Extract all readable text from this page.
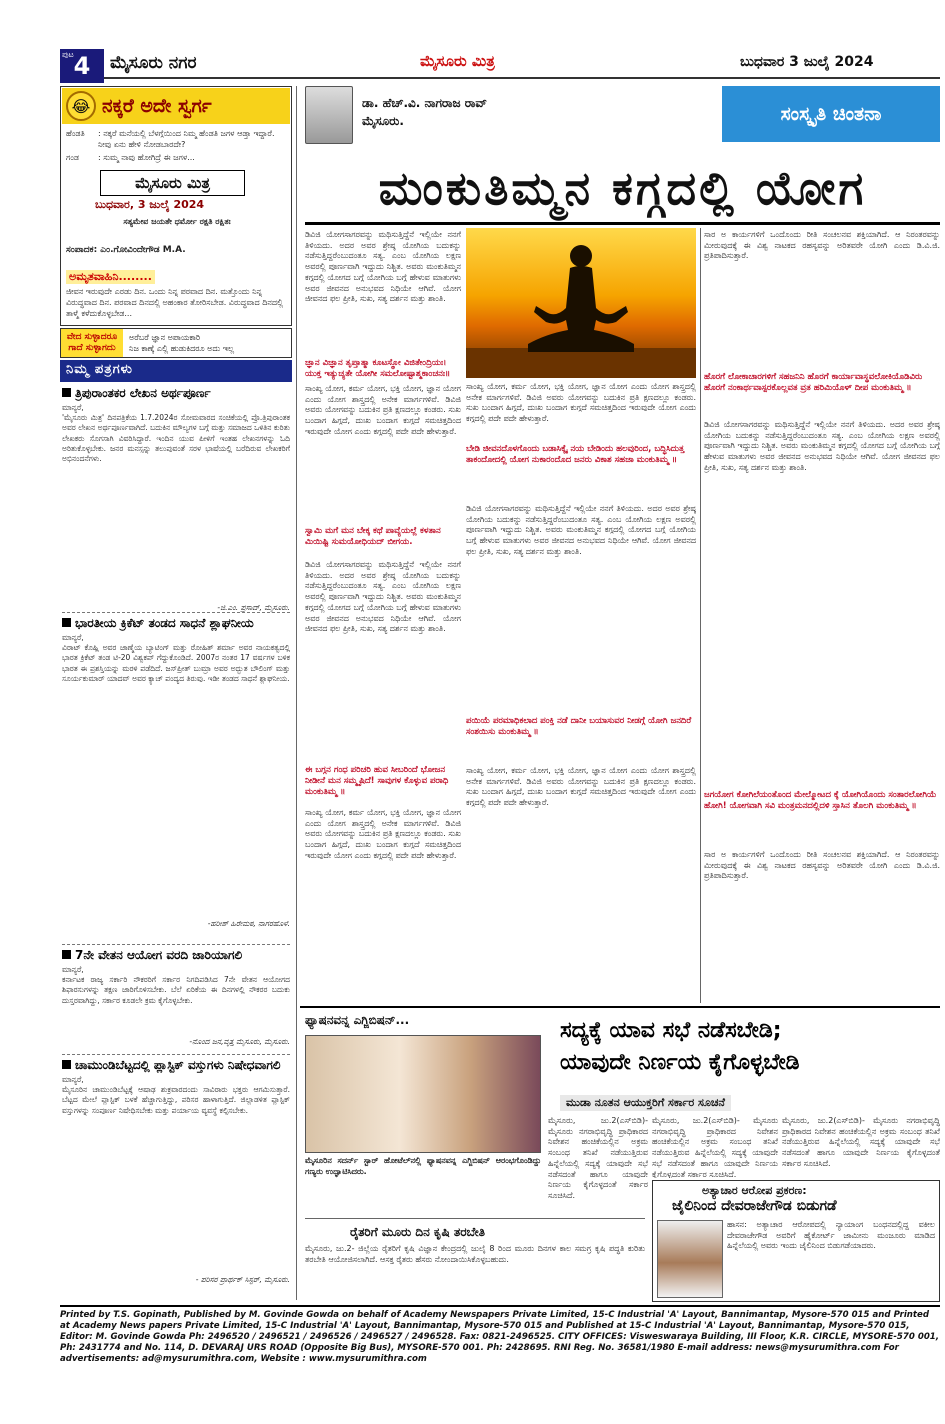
ಪುಟ 4 ಮೈಸೂರು ನಗರ	ಮೈಸೂರು ಮಿತ್ರ	ಬುಧವಾರ 3 ಜುಲೈ 2024
ನಕ್ಕರೆ ಅದೇ ಸ್ವರ್ಗ
😂
ಹೆಂಡತಿ	: ನಕ್ಕರೆ ಮನೆಯಲ್ಲಿ ಬೆಳಗ್ಗೆಯಿಂದ ನಿಮ್ಮ ಹೆಂಡತಿ ಜಗಳ ಆಡ್ತಾ ಇದ್ದಾರೆ. ನೀವು ಏನು ಹೇಳಿ ನೋಡಬಾರದೇ?
ಗಂಡ	: ಸುಮ್ಮ ನಾವು ಹೋಗಿದ್ರೆ ಈ ಜಗಳ...
ಮೈಸೂರು ಮಿತ್ರ
ಬುಧವಾರ, 3 ಜುಲೈ 2024
ಸತ್ಯಮೇವ ಜಯತೇ ಧರ್ಮೋ ರಕ್ಷತಿ ರಕ್ಷಿತಃ
ಸಂಪಾದಕ: ಎಂ.ಗೋವಿಂದೇಗೌಡ M.A.
ಅಮೃತವಾಹಿನಿ........
ಜೀವನ ಇರುವುದೇ ಎರಡು ದಿನ. ಒಂದು ನಿನ್ನ ಪರವಾದ ದಿನ. ಮತ್ತೊಂದು ನಿನ್ನ ವಿರುದ್ಧವಾದ ದಿನ. ಪರವಾದ ದಿನದಲ್ಲಿ ಅಹಂಕಾರ ತೋರಿಸಬೇಡ. ವಿರುದ್ಧವಾದ ದಿನದಲ್ಲಿ ತಾಳ್ಮೆ ಕಳೆದುಕೊಳ್ಳಬೇಡ...
ವೇದ ಸುಳ್ಳಾದರೂ ಗಾದೆ ಸುಳ್ಳಾಗದು
ಅರೆಬರೆ ಜ್ಞಾನ ಅಪಾಯಕಾರಿ
ನಿಜ ಕಾಣ್ಕೆ ಎಲ್ಲಿ ಹುಡುಕಿದರೂ ಅದು ಇಲ್ಲ
ನಿಮ್ಮ ಪತ್ರಗಳು
ತ್ರಿಪುರಾಂತಕರ ಲೇಖನ ಅರ್ಥಪೂರ್ಣ
ಮಾನ್ಯರೆ,
'ಮೈಸೂರು ಮಿತ್ರ' ದಿನಪತ್ರಿಕೆಯ 1.7.2024ರ ಸೋಮವಾರದ ಸಂಚಿಕೆಯಲ್ಲಿ ಪ್ರೊ.ತ್ರಿಪುರಾಂತಕ ಅವರ ಲೇಖನ ಅರ್ಥಪೂರ್ಣವಾಗಿದೆ. ಬದುಕಿನ ಮೌಲ್ಯಗಳ ಬಗ್ಗೆ ಮತ್ತು ಸಮಾಜದ ಒಳಿತಿನ ಕುರಿತು ಲೇಖಕರು ಸೊಗಸಾಗಿ ವಿವರಿಸಿದ್ದಾರೆ. ಇಂದಿನ ಯುವ ಪೀಳಿಗೆ ಇಂತಹ ಲೇಖನಗಳನ್ನು ಓದಿ ಅರಿತುಕೊಳ್ಳಬೇಕು. ಜನರ ಮನಸ್ಸನ್ನು ತಲುಪುವಂತೆ ಸರಳ ಭಾಷೆಯಲ್ಲಿ ಬರೆದಿರುವ ಲೇಖಕರಿಗೆ ಅಭಿನಂದನೆಗಳು.
-ಜಿ.ಎಂ. ಪ್ರಸಾದ್, ಮೈಸೂರು.
ಭಾರತೀಯ ಕ್ರಿಕೆಟ್ ತಂಡದ ಸಾಧನೆ ಶ್ಲಾಘನೀಯ
ಮಾನ್ಯರೆ,
ವಿರಾಟ್ ಕೊಹ್ಲಿ ಅವರ ಜಾಣ್ಮೆಯ ಬ್ಯಾಟಿಂಗ್ ಮತ್ತು ರೋಹಿತ್ ಶರ್ಮಾ ಅವರ ನಾಯಕತ್ವದಲ್ಲಿ ಭಾರತ ಕ್ರಿಕೆಟ್ ತಂಡ ಟಿ-20 ವಿಶ್ವಕಪ್ ಗೆದ್ದುಕೊಂಡಿದೆ. 2007ರ ನಂತರ 17 ವರ್ಷಗಳ ಬಳಿಕ ಭಾರತ ಈ ಪ್ರಶಸ್ತಿಯನ್ನು ಮರಳಿ ಪಡೆದಿದೆ. ಜಸ್‌ಪ್ರೀತ್ ಬುಮ್ರಾ ಅವರ ಅದ್ಭುತ ಬೌಲಿಂಗ್ ಮತ್ತು ಸೂರ್ಯಕುಮಾರ್ ಯಾದವ್ ಅವರ ಕ್ಯಾಚ್ ಪಂದ್ಯದ ತಿರುವು. ಇಡೀ ತಂಡದ ಸಾಧನೆ ಶ್ಲಾಘನೀಯ.
-ಹರೀಶ್ ಹಿರೇಮಠ, ನಾಗರಹೊಳೆ.
7ನೇ ವೇತನ ಆಯೋಗ ವರದಿ ಜಾರಿಯಾಗಲಿ
ಮಾನ್ಯರೆ,
ಕರ್ನಾಟಕ ರಾಜ್ಯ ಸರ್ಕಾರಿ ನೌಕರರಿಗೆ ಸರ್ಕಾರ ನಿಗದಿಪಡಿಸಿದ 7ನೇ ವೇತನ ಆಯೋಗದ ಶಿಫಾರಸುಗಳನ್ನು ತಕ್ಷಣ ಜಾರಿಗೊಳಿಸಬೇಕು. ಬೆಲೆ ಏರಿಕೆಯ ಈ ದಿನಗಳಲ್ಲಿ ನೌಕರರ ಬದುಕು ದುಸ್ತರವಾಗಿದ್ದು, ಸರ್ಕಾರ ಕೂಡಲೇ ಕ್ರಮ ಕೈಗೊಳ್ಳಬೇಕು.
-ನೊಂದ ಜನ,ವೃತ್ತ ಮೈಸೂರು, ಮೈಸೂರು.
ಚಾಮುಂಡಿಬೆಟ್ಟದಲ್ಲಿ ಪ್ಲಾಸ್ಟಿಕ್ ವಸ್ತುಗಳು ನಿಷೇಧವಾಗಲಿ
ಮಾನ್ಯರೆ,
ಮೈಸೂರಿನ ಚಾಮುಂಡಿಬೆಟ್ಟಕ್ಕೆ ಆಷಾಢ ಶುಕ್ರವಾರದಂದು ಸಾವಿರಾರು ಭಕ್ತರು ಆಗಮಿಸುತ್ತಾರೆ. ಬೆಟ್ಟದ ಮೇಲೆ ಪ್ಲಾಸ್ಟಿಕ್ ಬಳಕೆ ಹೆಚ್ಚಾಗುತ್ತಿದ್ದು, ಪರಿಸರ ಹಾಳಾಗುತ್ತಿದೆ. ಜಿಲ್ಲಾಡಳಿತ ಪ್ಲಾಸ್ಟಿಕ್ ವಸ್ತುಗಳನ್ನು ಸಂಪೂರ್ಣ ನಿಷೇಧಿಸಬೇಕು ಮತ್ತು ಪರ್ಯಾಯ ವ್ಯವಸ್ಥೆ ಕಲ್ಪಿಸಬೇಕು.
- ಪರಿಸರ ಪ್ರಾರ್ಥಕ್ ಸಿಸ್ಟರ್, ಮೈಸೂರು.
ಡಾ. ಹೆಚ್.ವಿ. ನಾಗರಾಜ ರಾವ್
ಮೈಸೂರು.	ಸಂಸ್ಕೃತಿ ಚಿಂತನಾ
ಮಂಕುತಿಮ್ಮನ ಕಗ್ಗದಲ್ಲಿ ಯೋಗ
ಡಿವಿಜಿ ಯೋಗಸಾಗರವನ್ನು ಮಥಿಸುತ್ತಿದ್ದೆನೆ ಇಲ್ಲಿಯೇ ನನಗೆ ತಿಳಿಯದು. ಅದರ ಅವರ ಶ್ರೇಷ್ಠ ಯೋಗಿಯ ಬದುಕನ್ನು ನಡೆಸುತ್ತಿದ್ದರೆಂಬುದಂತೂ ಸತ್ಯ. ಎಂಬ ಯೋಗಿಯ ಲಕ್ಷಣ ಅವರಲ್ಲಿ ಪೂರ್ಣವಾಗಿ ಇದ್ದುದು ನಿಶ್ಚಿತ. ಅವರು ಮಂಕುತಿಮ್ಮನ ಕಗ್ಗದಲ್ಲಿ ಯೋಗದ ಬಗ್ಗೆ ಯೋಗಿಯ ಬಗ್ಗೆ ಹೇಳುವ ಮಾತುಗಳು ಅವರ ಜೀವನದ ಅನುಭವದ ನಿಧಿಯೇ ಆಗಿವೆ. ಯೋಗ ಜೀವನದ ಫಲ ಪ್ರೀತಿ, ಸುಖ, ಸತ್ಯ ದರ್ಶನ ಮತ್ತು ಶಾಂತಿ.
ಜ್ಞಾನ ವಿಜ್ಞಾನ ತೃಪ್ತಾತ್ಮಾ ಕೂಟಸ್ಥೋ ವಿಜಿತೇಂದ್ರಿಯಃ। ಯುಕ್ತ ಇತ್ಯುಚ್ಯತೇ ಯೋಗೀ ಸಮಲೋಷ್ಟಾಶ್ಮಕಾಂಚನಃ॥
ಸಾಂಖ್ಯ ಯೋಗ, ಕರ್ಮ ಯೋಗ, ಭಕ್ತಿ ಯೋಗ, ಜ್ಞಾನ ಯೋಗ ಎಂದು ಯೋಗ ಶಾಸ್ತ್ರದಲ್ಲಿ ಅನೇಕ ಮಾರ್ಗಗಳಿವೆ. ಡಿವಿಜಿ ಅವರು ಯೋಗವನ್ನು ಬದುಕಿನ ಪ್ರತಿ ಕ್ಷಣದಲ್ಲೂ ಕಂಡರು. ಸುಖ ಬಂದಾಗ ಹಿಗ್ಗದೆ, ದುಃಖ ಬಂದಾಗ ಕುಗ್ಗದೆ ಸಮಚಿತ್ತದಿಂದ ಇರುವುದೇ ಯೋಗ ಎಂದು ಕಗ್ಗದಲ್ಲಿ ಪದೇ ಪದೇ ಹೇಳುತ್ತಾರೆ.
ಸ್ವಾಮಿ ಮಗೆ ಮನ ಬೇಕ್ಕ ಕಥೆ ಪಾವ್ಯೆಯಲ್ಲೆ ಕಳತಾನ ಮಿಯಿಷ್ಟಿ ಸುಮಯೋಧಿಯದ್ ಬೀಗಯ.
ಡಿವಿಜಿ ಯೋಗಸಾಗರವನ್ನು ಮಥಿಸುತ್ತಿದ್ದೆನೆ ಇಲ್ಲಿಯೇ ನನಗೆ ತಿಳಿಯದು. ಅದರ ಅವರ ಶ್ರೇಷ್ಠ ಯೋಗಿಯ ಬದುಕನ್ನು ನಡೆಸುತ್ತಿದ್ದರೆಂಬುದಂತೂ ಸತ್ಯ. ಎಂಬ ಯೋಗಿಯ ಲಕ್ಷಣ ಅವರಲ್ಲಿ ಪೂರ್ಣವಾಗಿ ಇದ್ದುದು ನಿಶ್ಚಿತ. ಅವರು ಮಂಕುತಿಮ್ಮನ ಕಗ್ಗದಲ್ಲಿ ಯೋಗದ ಬಗ್ಗೆ ಯೋಗಿಯ ಬಗ್ಗೆ ಹೇಳುವ ಮಾತುಗಳು ಅವರ ಜೀವನದ ಅನುಭವದ ನಿಧಿಯೇ ಆಗಿವೆ. ಯೋಗ ಜೀವನದ ಫಲ ಪ್ರೀತಿ, ಸುಖ, ಸತ್ಯ ದರ್ಶನ ಮತ್ತು ಶಾಂತಿ.
ಈ ಬಗ್ಗನ ಗಂಧ ಪರಿಚರಿ ಹುವ ಸೀಬರಿಂದೆ ಭೋಜನ ನೀಡೀನೆ ಮನ ಸಮ್ಮೃಷಿದೆ! ಸಾವುಗಳ ಕೊಳ್ಳುವ ಪರಾಧಿ ಮಂಕುತಿಮ್ಮ ॥
ಸಾಂಖ್ಯ ಯೋಗ, ಕರ್ಮ ಯೋಗ, ಭಕ್ತಿ ಯೋಗ, ಜ್ಞಾನ ಯೋಗ ಎಂದು ಯೋಗ ಶಾಸ್ತ್ರದಲ್ಲಿ ಅನೇಕ ಮಾರ್ಗಗಳಿವೆ. ಡಿವಿಜಿ ಅವರು ಯೋಗವನ್ನು ಬದುಕಿನ ಪ್ರತಿ ಕ್ಷಣದಲ್ಲೂ ಕಂಡರು. ಸುಖ ಬಂದಾಗ ಹಿಗ್ಗದೆ, ದುಃಖ ಬಂದಾಗ ಕುಗ್ಗದೆ ಸಮಚಿತ್ತದಿಂದ ಇರುವುದೇ ಯೋಗ ಎಂದು ಕಗ್ಗದಲ್ಲಿ ಪದೇ ಪದೇ ಹೇಳುತ್ತಾರೆ.
ಸಾಂಖ್ಯ ಯೋಗ, ಕರ್ಮ ಯೋಗ, ಭಕ್ತಿ ಯೋಗ, ಜ್ಞಾನ ಯೋಗ ಎಂದು ಯೋಗ ಶಾಸ್ತ್ರದಲ್ಲಿ ಅನೇಕ ಮಾರ್ಗಗಳಿವೆ. ಡಿವಿಜಿ ಅವರು ಯೋಗವನ್ನು ಬದುಕಿನ ಪ್ರತಿ ಕ್ಷಣದಲ್ಲೂ ಕಂಡರು. ಸುಖ ಬಂದಾಗ ಹಿಗ್ಗದೆ, ದುಃಖ ಬಂದಾಗ ಕುಗ್ಗದೆ ಸಮಚಿತ್ತದಿಂದ ಇರುವುದೇ ಯೋಗ ಎಂದು ಕಗ್ಗದಲ್ಲಿ ಪದೇ ಪದೇ ಹೇಳುತ್ತಾರೆ.
ಬೇಡಿ ಜೀವನದೊಳಗೊಂದು ಬಡಾಸಿಕ್ಕೈ ನಯ ಬೇಡಿಂದು ಹಲವುರಿಂದ, ಬದ್ಧಿಸಿದುತ್ತ ತಾಕಂದೋದಲ್ಲಿ ಯೋಗ ನುಕಾರಂದೊದ ಜನರು ವಿಕಾಶ ಸಹಜಾ ಮಂಕುತಿಮ್ಮ ॥
ಡಿವಿಜಿ ಯೋಗಸಾಗರವನ್ನು ಮಥಿಸುತ್ತಿದ್ದೆನೆ ಇಲ್ಲಿಯೇ ನನಗೆ ತಿಳಿಯದು. ಅದರ ಅವರ ಶ್ರೇಷ್ಠ ಯೋಗಿಯ ಬದುಕನ್ನು ನಡೆಸುತ್ತಿದ್ದರೆಂಬುದಂತೂ ಸತ್ಯ. ಎಂಬ ಯೋಗಿಯ ಲಕ್ಷಣ ಅವರಲ್ಲಿ ಪೂರ್ಣವಾಗಿ ಇದ್ದುದು ನಿಶ್ಚಿತ. ಅವರು ಮಂಕುತಿಮ್ಮನ ಕಗ್ಗದಲ್ಲಿ ಯೋಗದ ಬಗ್ಗೆ ಯೋಗಿಯ ಬಗ್ಗೆ ಹೇಳುವ ಮಾತುಗಳು ಅವರ ಜೀವನದ ಅನುಭವದ ನಿಧಿಯೇ ಆಗಿವೆ. ಯೋಗ ಜೀವನದ ಫಲ ಪ್ರೀತಿ, ಸುಖ, ಸತ್ಯ ದರ್ಶನ ಮತ್ತು ಶಾಂತಿ.
ಪಯಿಯೆ ಪರಮಾಧಿಕಲಾದ ಪಂಕ್ತಿ ನಡೆ ದಾನೀ ಬಯಾಸುವರ ನೀಡಗ್ಗೆ ಯೋಗಿ ಜನದಿರೆ ಸಂಶಯಿಸು ಮಂಕುತಿಮ್ಮ ॥
ಸಾಂಖ್ಯ ಯೋಗ, ಕರ್ಮ ಯೋಗ, ಭಕ್ತಿ ಯೋಗ, ಜ್ಞಾನ ಯೋಗ ಎಂದು ಯೋಗ ಶಾಸ್ತ್ರದಲ್ಲಿ ಅನೇಕ ಮಾರ್ಗಗಳಿವೆ. ಡಿವಿಜಿ ಅವರು ಯೋಗವನ್ನು ಬದುಕಿನ ಪ್ರತಿ ಕ್ಷಣದಲ್ಲೂ ಕಂಡರು. ಸುಖ ಬಂದಾಗ ಹಿಗ್ಗದೆ, ದುಃಖ ಬಂದಾಗ ಕುಗ್ಗದೆ ಸಮಚಿತ್ತದಿಂದ ಇರುವುದೇ ಯೋಗ ಎಂದು ಕಗ್ಗದಲ್ಲಿ ಪದೇ ಪದೇ ಹೇಳುತ್ತಾರೆ.
ಸಾರ ಅ ಕಾರ್ಯಗಳಿಗೆ ಒಂದೊಂದು ರೀತಿ ಸಂಚಲನವ ಶಕ್ತಿಯಾಗಿದೆ. ಆ ನಿರಂತರವನ್ನು ಮೀರುವುದಕ್ಕೆ ಈ ವಿಶ್ವ ನಾಟಕದ ರಹಸ್ಯವನ್ನು ಅರಿತವರೇ ಯೋಗಿ ಎಂದು ಡಿ.ವಿ.ಜಿ. ಪ್ರತಿಪಾದಿಸುತ್ತಾರೆ.
ಹೊರಗೆ ಲೋಕಾಚಾರಗಳಿಗೆ ಸಹಜನಿನಿ ಹೊರಗೆ ಕಾರ್ಯಾವಾಸ್ಥವಲೋಕಿಯೊಡಿವಿರು ಹೊರಗೆ ನಂಕಾರ್ಥವಾಸ್ಪರಕೊಲ್ಲವತ ವ್ರತ ಹರಿಮಿಯೊಳ್ ದೀಪ ಮಂಕುತಿಮ್ಮ ॥
ಡಿವಿಜಿ ಯೋಗಸಾಗರವನ್ನು ಮಥಿಸುತ್ತಿದ್ದೆನೆ ಇಲ್ಲಿಯೇ ನನಗೆ ತಿಳಿಯದು. ಅದರ ಅವರ ಶ್ರೇಷ್ಠ ಯೋಗಿಯ ಬದುಕನ್ನು ನಡೆಸುತ್ತಿದ್ದರೆಂಬುದಂತೂ ಸತ್ಯ. ಎಂಬ ಯೋಗಿಯ ಲಕ್ಷಣ ಅವರಲ್ಲಿ ಪೂರ್ಣವಾಗಿ ಇದ್ದುದು ನಿಶ್ಚಿತ. ಅವರು ಮಂಕುತಿಮ್ಮನ ಕಗ್ಗದಲ್ಲಿ ಯೋಗದ ಬಗ್ಗೆ ಯೋಗಿಯ ಬಗ್ಗೆ ಹೇಳುವ ಮಾತುಗಳು ಅವರ ಜೀವನದ ಅನುಭವದ ನಿಧಿಯೇ ಆಗಿವೆ. ಯೋಗ ಜೀವನದ ಫಲ ಪ್ರೀತಿ, ಸುಖ, ಸತ್ಯ ದರ್ಶನ ಮತ್ತು ಶಾಂತಿ.
ಜಗಯೋಗ ಕೋಗಿಲೆಯಂತೊಂದ ಮೇಲ್ಮೋಟದ ಕ್ಕೆ ಯೋಗಿಯೊಂದು ಸಂತಾರಲೋಗಿಯೆ ಹೋಗಿ! ಯೋಗವಾಗಿ ಸವಿ ಮಂತ್ರಮನದಲ್ಲಿದಳಿ ಸ್ತಾಸಿನ ತೊಲಗಿ ಮಂಕುತಿಮ್ಮ ॥
ಸಾರ ಅ ಕಾರ್ಯಗಳಿಗೆ ಒಂದೊಂದು ರೀತಿ ಸಂಚಲನವ ಶಕ್ತಿಯಾಗಿದೆ. ಆ ನಿರಂತರವನ್ನು ಮೀರುವುದಕ್ಕೆ ಈ ವಿಶ್ವ ನಾಟಕದ ರಹಸ್ಯವನ್ನು ಅರಿತವರೇ ಯೋಗಿ ಎಂದು ಡಿ.ವಿ.ಜಿ. ಪ್ರತಿಪಾದಿಸುತ್ತಾರೆ.
ಫ್ಯಾಷನವನ್ನ ಎಗ್ಜಿಬಿಷನ್...
ಮೈಸೂರಿನ ಸದರ್ನ್ ಸ್ಟಾರ್ ಹೋಟೆಲ್‌ನಲ್ಲಿ ಫ್ಯಾಷನವನ್ನ ಎಗ್ಜಿಬಿಷನ್ ಆರಂಭಗೊಂಡಿದ್ದು ಗಣ್ಯರು ಉದ್ಘಾಟಿಸಿದರು.
ರೈತರಿಗೆ ಮೂರು ದಿನ ಕೃಷಿ ತರಬೇತಿ
ಮೈಸೂರು, ಜು.2- ಜಿಲ್ಲೆಯ ರೈತರಿಗೆ ಕೃಷಿ ವಿಜ್ಞಾನ ಕೇಂದ್ರದಲ್ಲಿ ಜುಲೈ 8 ರಿಂದ ಮೂರು ದಿನಗಳ ಕಾಲ ಸಮಗ್ರ ಕೃಷಿ ಪದ್ಧತಿ ಕುರಿತು ತರಬೇತಿ ಆಯೋಜಿಸಲಾಗಿದೆ. ಆಸಕ್ತ ರೈತರು ಹೆಸರು ನೋಂದಾಯಿಸಿಕೊಳ್ಳಬಹುದು.
ಸದ್ಯಕ್ಕೆ ಯಾವ ಸಭೆ ನಡೆಸಬೇಡಿ;
ಯಾವುದೇ ನಿರ್ಣಯ ಕೈಗೊಳ್ಳಬೇಡಿ
ಮುಡಾ ನೂತನ ಆಯುಕ್ತರಿಗೆ ಸರ್ಕಾರ ಸೂಚನೆ
ಮೈಸೂರು, ಜು.2(ಎಸ್‌ಬಿಡಿ)- ಮೈಸೂರು ನಗರಾಭಿವೃದ್ಧಿ ಪ್ರಾಧಿಕಾರದ ನಿವೇಶನ ಹಂಚಿಕೆಯಲ್ಲಿನ ಅಕ್ರಮ ಸಂಬಂಧ ತನಿಖೆ ನಡೆಯುತ್ತಿರುವ ಹಿನ್ನೆಲೆಯಲ್ಲಿ ಸದ್ಯಕ್ಕೆ ಯಾವುದೇ ಸಭೆ ನಡೆಸದಂತೆ ಹಾಗೂ ಯಾವುದೇ ನಿರ್ಣಯ ಕೈಗೊಳ್ಳದಂತೆ ಸರ್ಕಾರ ಸೂಚಿಸಿದೆ.
ಮೈಸೂರು, ಜು.2(ಎಸ್‌ಬಿಡಿ)- ಮೈಸೂರು ನಗರಾಭಿವೃದ್ಧಿ ಪ್ರಾಧಿಕಾರದ ನಿವೇಶನ ಹಂಚಿಕೆಯಲ್ಲಿನ ಅಕ್ರಮ ಸಂಬಂಧ ತನಿಖೆ ನಡೆಯುತ್ತಿರುವ ಹಿನ್ನೆಲೆಯಲ್ಲಿ ಸದ್ಯಕ್ಕೆ ಯಾವುದೇ ಸಭೆ ನಡೆಸದಂತೆ ಹಾಗೂ ಯಾವುದೇ ನಿರ್ಣಯ ಕೈಗೊಳ್ಳದಂತೆ ಸರ್ಕಾರ ಸೂಚಿಸಿದೆ.
ಮೈಸೂರು, ಜು.2(ಎಸ್‌ಬಿಡಿ)- ಮೈಸೂರು ನಗರಾಭಿವೃದ್ಧಿ ಪ್ರಾಧಿಕಾರದ ನಿವೇಶನ ಹಂಚಿಕೆಯಲ್ಲಿನ ಅಕ್ರಮ ಸಂಬಂಧ ತನಿಖೆ ನಡೆಯುತ್ತಿರುವ ಹಿನ್ನೆಲೆಯಲ್ಲಿ ಸದ್ಯಕ್ಕೆ ಯಾವುದೇ ಸಭೆ ನಡೆಸದಂತೆ ಹಾಗೂ ಯಾವುದೇ ನಿರ್ಣಯ ಕೈಗೊಳ್ಳದಂತೆ ಸರ್ಕಾರ ಸೂಚಿಸಿದೆ.
ಅತ್ಯಾಚಾರ ಆರೋಪ ಪ್ರಕರಣ:
ಜೈಲಿನಿಂದ ದೇವರಾಜೇಗೌಡ ಬಿಡುಗಡೆ
ಹಾಸನ: ಅತ್ಯಾಚಾರ ಆರೋಪದಲ್ಲಿ ನ್ಯಾಯಾಂಗ ಬಂಧನದಲ್ಲಿದ್ದ ವಕೀಲ ದೇವರಾಜೇಗೌಡ ಅವರಿಗೆ ಹೈಕೋರ್ಟ್ ಜಾಮೀನು ಮಂಜೂರು ಮಾಡಿದ ಹಿನ್ನೆಲೆಯಲ್ಲಿ ಅವರು ಇಂದು ಜೈಲಿನಿಂದ ಬಿಡುಗಡೆಯಾದರು.
Printed by T.S. Gopinath, Published by M. Govinde Gowda on behalf of Academy Newspapers Private Limited, 15-C Industrial 'A' Layout, Bannimantap, Mysore-570 015 and Printed at Academy News papers Private Limited, 15-C Industrial 'A' Layout, Bannimantap, Mysore-570 015 and Published at 15-C Industrial 'A' Layout, Bannimantap, Mysore-570 015, Editor: M. Govinde Gowda Ph: 2496520 / 2496521 / 2496526 / 2496527 / 2496528. Fax: 0821-2496525. CITY OFFICES: Visweswaraya Building, III Floor, K.R. CIRCLE, MYSORE-570 001, Ph: 2431774 and No. 114, D. DEVARAJ URS ROAD (Opposite Big Bus), MYSORE-570 001. Ph: 2428695. RNI Reg. No. 36581/1980 E-mail address: news@mysurumithra.com For advertisements: ad@mysurumithra.com, Website : www.mysurumithra.com
